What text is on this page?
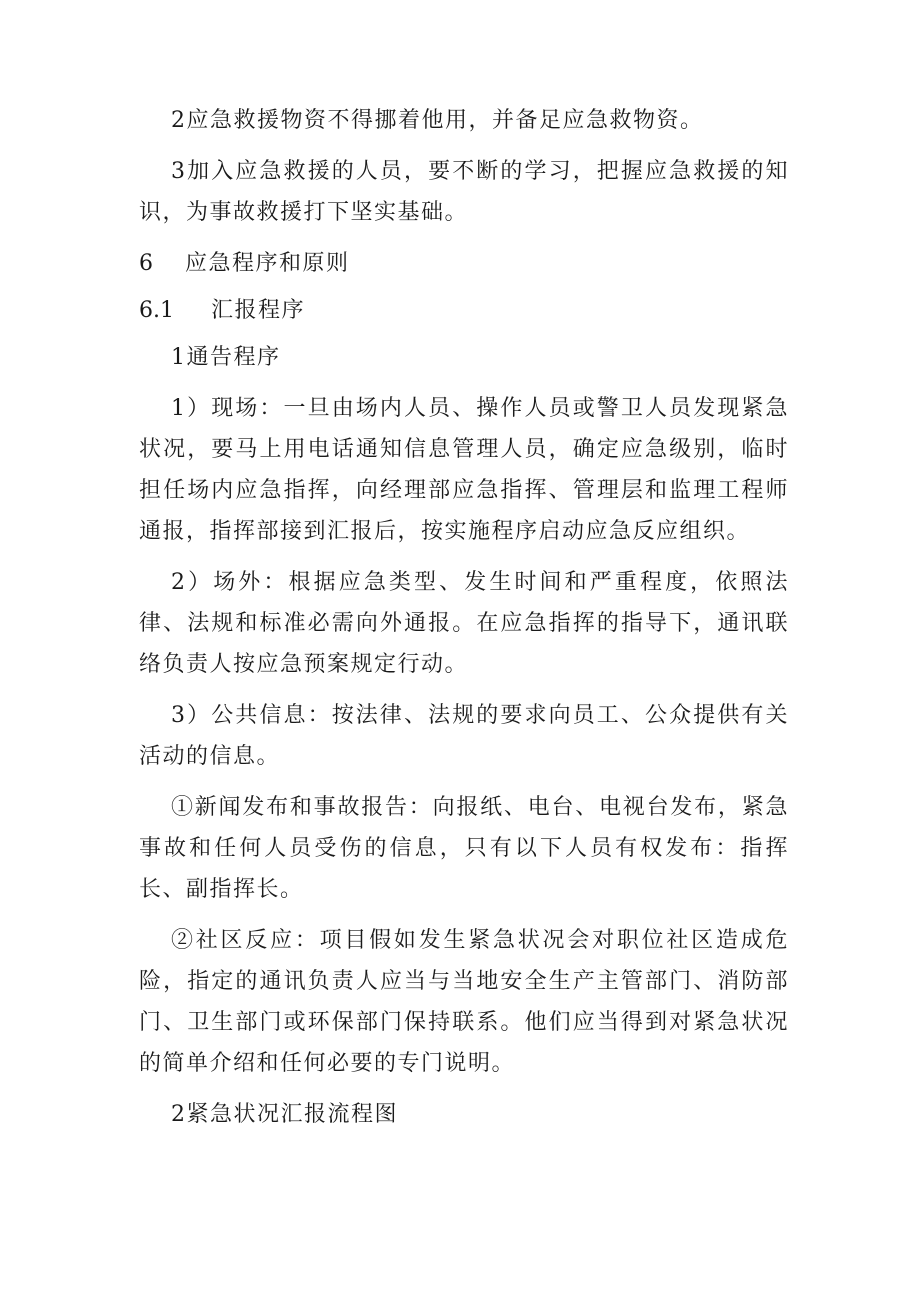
2应急救援物资不得挪着他用，并备足应急救物资。

3加入应急救援的人员，要不断的学习，把握应急救援的知识，为事故救援打下坚实基础。

6 应急程序和原则
6.1 汇报程序

1通告程序

1）现场：一旦由场内人员、操作人员或警卫人员发现紧急状况，要马上用电话通知信息管理人员，确定应急级别，临时担任场内应急指挥，向经理部应急指挥、管理层和监理工程师通报，指挥部接到汇报后，按实施程序启动应急反应组织。

2）场外：根据应急类型、发生时间和严重程度，依照法律、法规和标准必需向外通报。在应急指挥的指导下，通讯联络负责人按应急预案规定行动。

3）公共信息：按法律、法规的要求向员工、公众提供有关活动的信息。

①新闻发布和事故报告：向报纸、电台、电视台发布，紧急事故和任何人员受伤的信息，只有以下人员有权发布：指挥长、副指挥长。

②社区反应：项目假如发生紧急状况会对职位社区造成危险，指定的通讯负责人应当与当地安全生产主管部门、消防部门、卫生部门或环保部门保持联系。他们应当得到对紧急状况的简单介绍和任何必要的专门说明。

2紧急状况汇报流程图
